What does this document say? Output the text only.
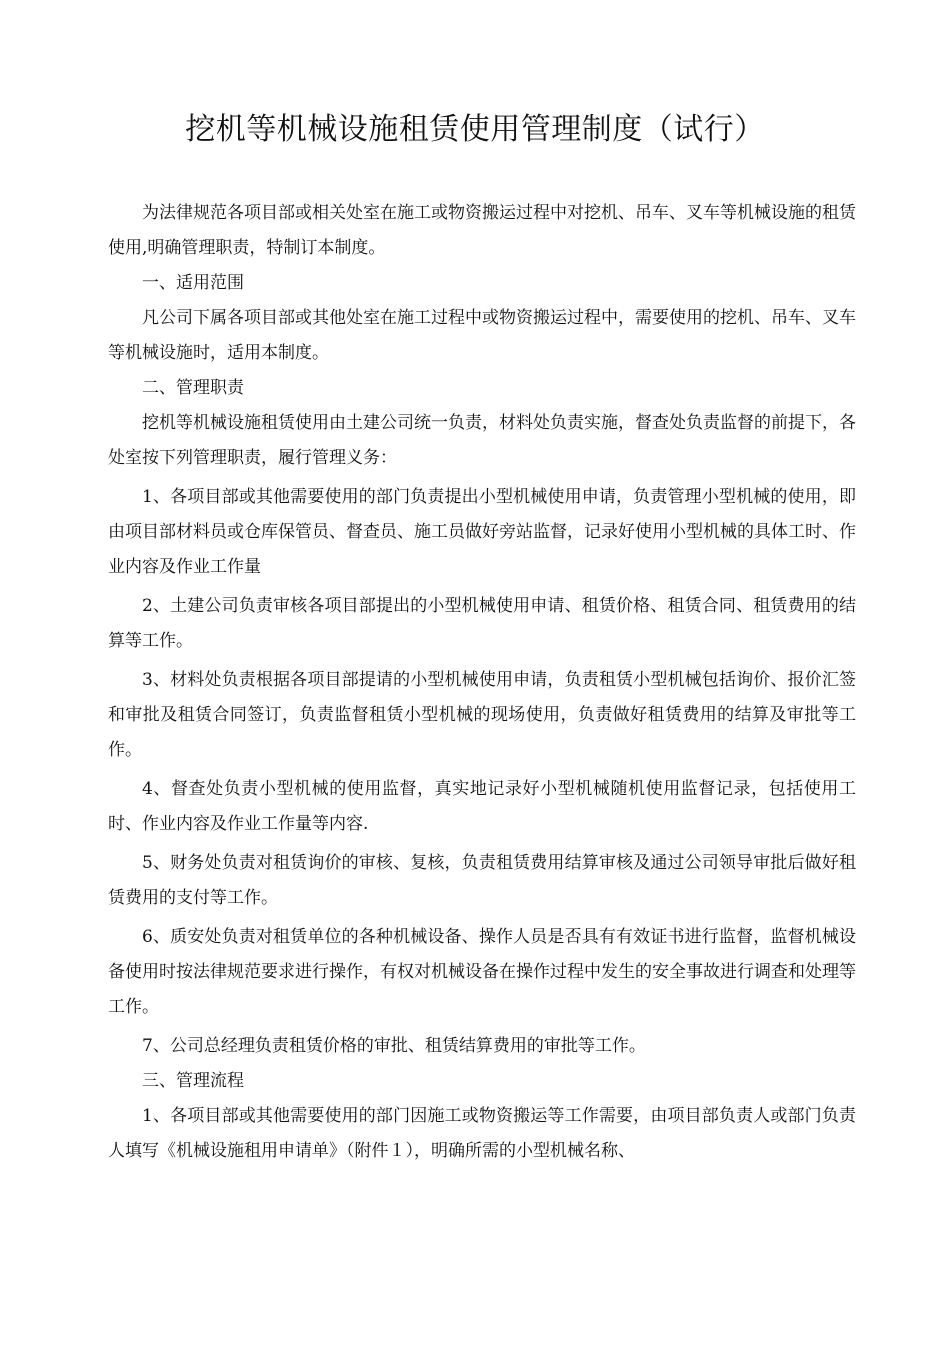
挖机等机械设施租赁使用管理制度（试行）

为法律规范各项目部或相关处室在施工或物资搬运过程中对挖机、吊车、叉车等机械设施的租赁使用,明确管理职责，特制订本制度。

一、适用范围

凡公司下属各项目部或其他处室在施工过程中或物资搬运过程中，需要使用的挖机、吊车、叉车等机械设施时，适用本制度。

二、管理职责

挖机等机械设施租赁使用由土建公司统一负责，材料处负责实施，督查处负责监督的前提下，各处室按下列管理职责，履行管理义务：

1、各项目部或其他需要使用的部门负责提出小型机械使用申请，负责管理小型机械的使用，即由项目部材料员或仓库保管员、督查员、施工员做好旁站监督，记录好使用小型机械的具体工时、作业内容及作业工作量

2、土建公司负责审核各项目部提出的小型机械使用申请、租赁价格、租赁合同、租赁费用的结算等工作。

3、材料处负责根据各项目部提请的小型机械使用申请，负责租赁小型机械包括询价、报价汇签和审批及租赁合同签订，负责监督租赁小型机械的现场使用，负责做好租赁费用的结算及审批等工作。

4、督查处负责小型机械的使用监督，真实地记录好小型机械随机使用监督记录，包括使用工时、作业内容及作业工作量等内容.

5、财务处负责对租赁询价的审核、复核，负责租赁费用结算审核及通过公司领导审批后做好租赁费用的支付等工作。

6、质安处负责对租赁单位的各种机械设备、操作人员是否具有有效证书进行监督，监督机械设备使用时按法律规范要求进行操作，有权对机械设备在操作过程中发生的安全事故进行调查和处理等工作。

7、公司总经理负责租赁价格的审批、租赁结算费用的审批等工作。

三、管理流程

1、各项目部或其他需要使用的部门因施工或物资搬运等工作需要，由项目部负责人或部门负责人填写《机械设施租用申请单》（附件１），明确所需的小型机械名称、
